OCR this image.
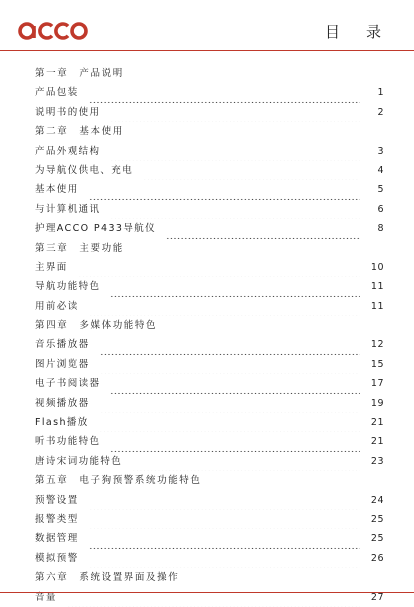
目 录
第一章　产品说明
产品包装	1
说明书的使用	2
第二章　基本使用
产品外观结构	3
为导航仪供电、充电	4
基本使用	5
与计算机通讯	6
护理ACCO P433导航仪	8
第三章　主要功能
主界面	10
导航功能特色	11
用前必读	11
第四章　多媒体功能特色
音乐播放器	12
图片浏览器	15
电子书阅读器	17
视频播放器	19
Flash播放	21
听书功能特色	21
唐诗宋词功能特色	23
第五章　电子狗预警系统功能特色
预警设置	24
报警类型	25
数据管理	25
模拟预警	26
第六章　系统设置界面及操作
音量	27
